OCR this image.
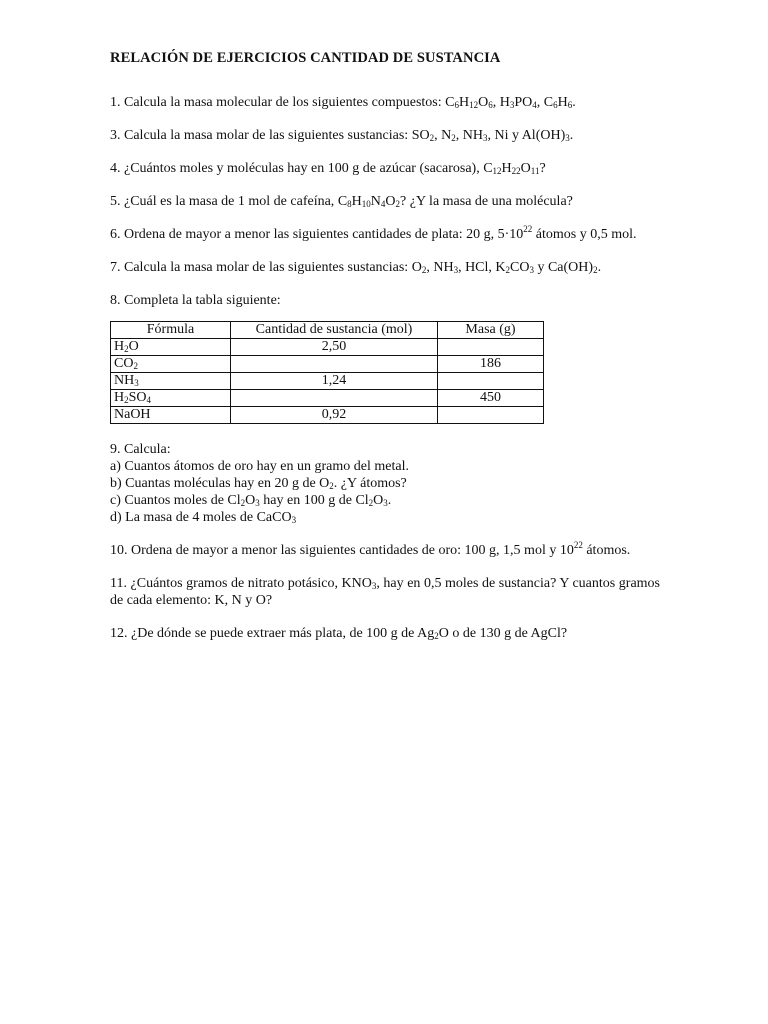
RELACIÓN DE EJERCICIOS CANTIDAD DE SUSTANCIA
1. Calcula la masa molecular de los siguientes compuestos: $C_6H_{12}O_6$, $H_3PO_4$, $C_6H_6$.
3. Calcula la masa molar de las siguientes sustancias: $SO_2$, $N_2$, $NH_3$, Ni y $Al(OH)_3$.
4. ¿Cuántos moles y moléculas hay en 100 g de azúcar (sacarosa), $C_{12}H_{22}O_{11}$?
5. ¿Cuál es la masa de 1 mol de cafeína, $C_8H_{10}N_4O_2$? ¿Y la masa de una molécula?
6. Ordena de mayor a menor las siguientes cantidades de plata: 20 g, $5\cdot 10^{22}$ átomos y 0,5 mol.
7. Calcula la masa molar de las siguientes sustancias: $O_2$, $NH_3$, HCl, $K_2CO_3$ y $Ca(OH)_2$.
8. Completa la tabla siguiente:
Fórmula	Cantidad de sustancia (mol)	Masa (g)
$H_2O$	2,50	
$CO_2$		186
$NH_3$	1,24	
$H_2SO_4$		450
NaOH	0,92	
9. Calcula:
a) Cuantos átomos de oro hay en un gramo del metal.
b) Cuantas moléculas hay en 20 g de $O_2$. ¿Y átomos?
c) Cuantos moles de $Cl_2O_3$ hay en 100 g de $Cl_2O_3$.
d) La masa de 4 moles de CaCO$_3$
10. Ordena de mayor a menor las siguientes cantidades de oro: 100 g, 1,5 mol y $10^{22}$ átomos.
11. ¿Cuántos gramos de nitrato potásico, $KNO_3$, hay en 0,5 moles de sustancia? Y cuantos gramos de cada elemento: K, N y O?
12. ¿De dónde se puede extraer más plata, de 100 g de $Ag_2O$ o de 130 g de AgCl?
